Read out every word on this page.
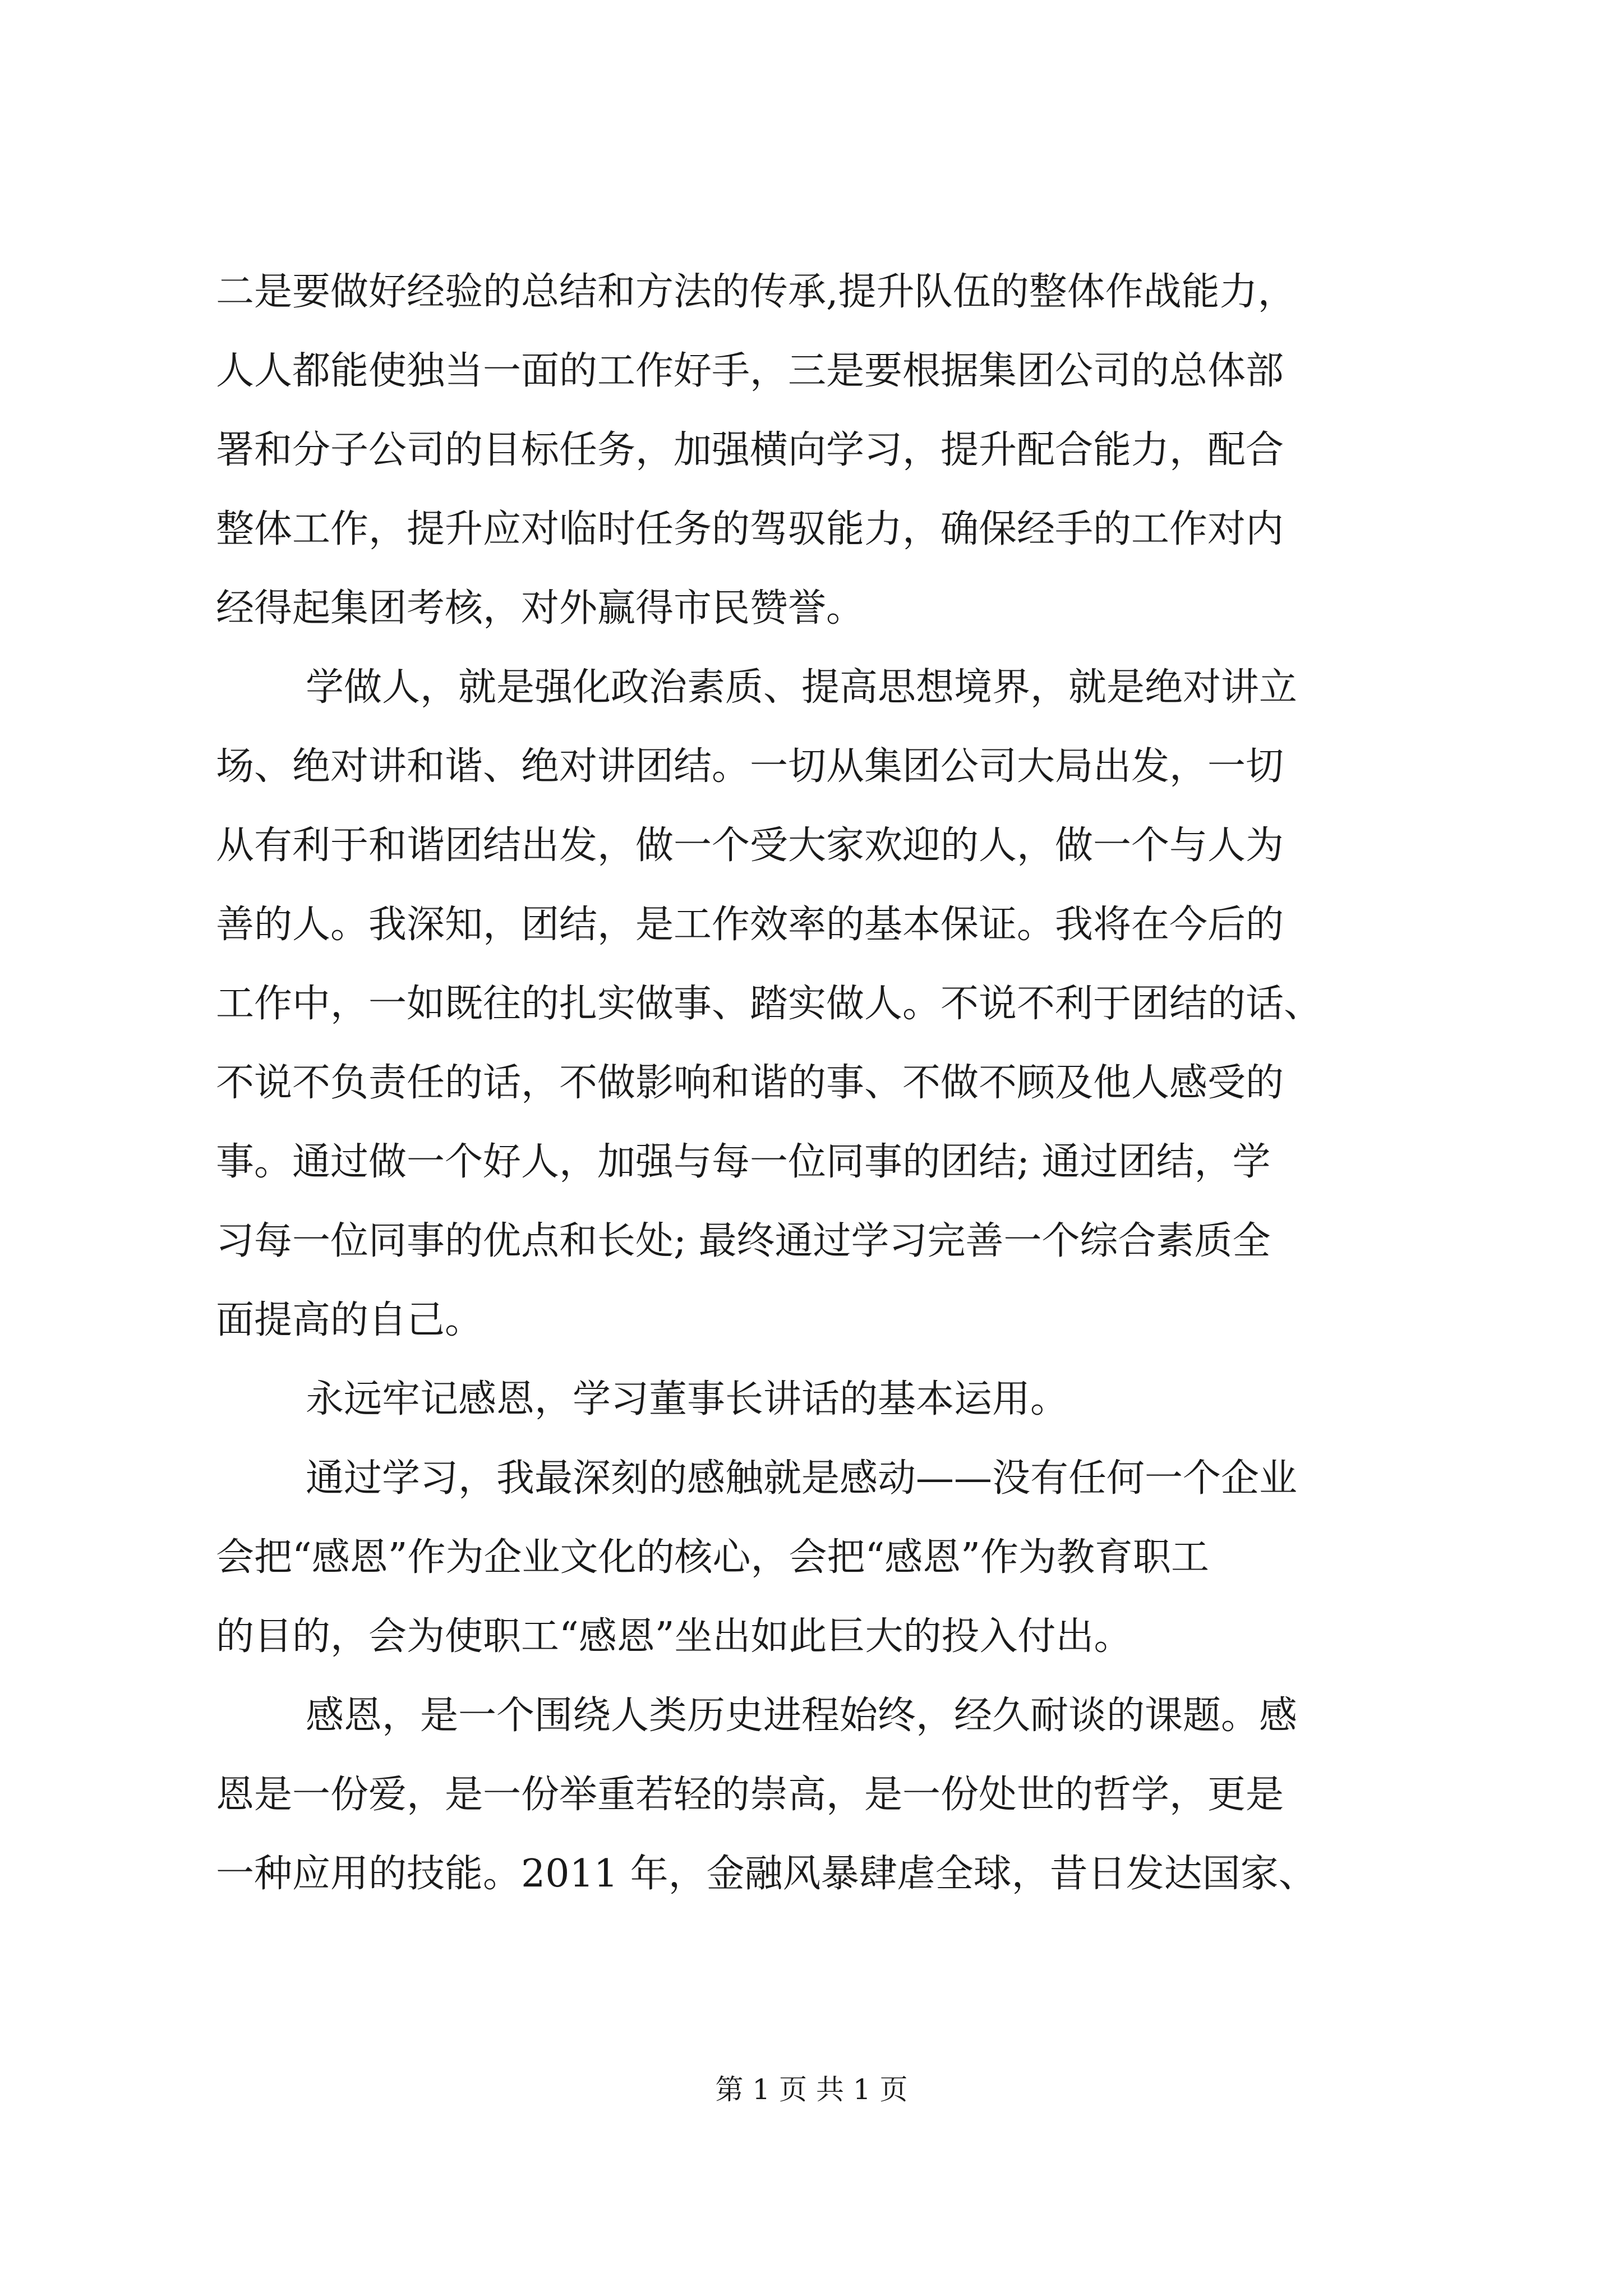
二是要做好经验的总结和方法的传承,提升队伍的整体作战能力，
人人都能使独当一面的工作好手，三是要根据集团公司的总体部
署和分子公司的目标任务，加强横向学习，提升配合能力，配合
整体工作，提升应对临时任务的驾驭能力，确保经手的工作对内
经得起集团考核，对外赢得市民赞誉。
学做人，就是强化政治素质、提高思想境界，就是绝对讲立
场、绝对讲和谐、绝对讲团结。一切从集团公司大局出发，一切
从有利于和谐团结出发，做一个受大家欢迎的人，做一个与人为
善的人。我深知，团结，是工作效率的基本保证。我将在今后的
工作中，一如既往的扎实做事、踏实做人。不说不利于团结的话、
不说不负责任的话，不做影响和谐的事、不做不顾及他人感受的
事。通过做一个好人，加强与每一位同事的团结; 通过团结，学
习每一位同事的优点和长处; 最终通过学习完善一个综合素质全
面提高的自己。
永远牢记感恩，学习董事长讲话的基本运用。
通过学习，我最深刻的感触就是感动——没有任何一个企业
会把“感恩”作为企业文化的核心，会把“感恩”作为教育职工
的目的，会为使职工“感恩”坐出如此巨大的投入付出。
感恩，是一个围绕人类历史进程始终，经久耐谈的课题。感
恩是一份爱，是一份举重若轻的崇高，是一份处世的哲学，更是
一种应用的技能。2011 年，金融风暴肆虐全球，昔日发达国家、
第 1 页 共 1 页
